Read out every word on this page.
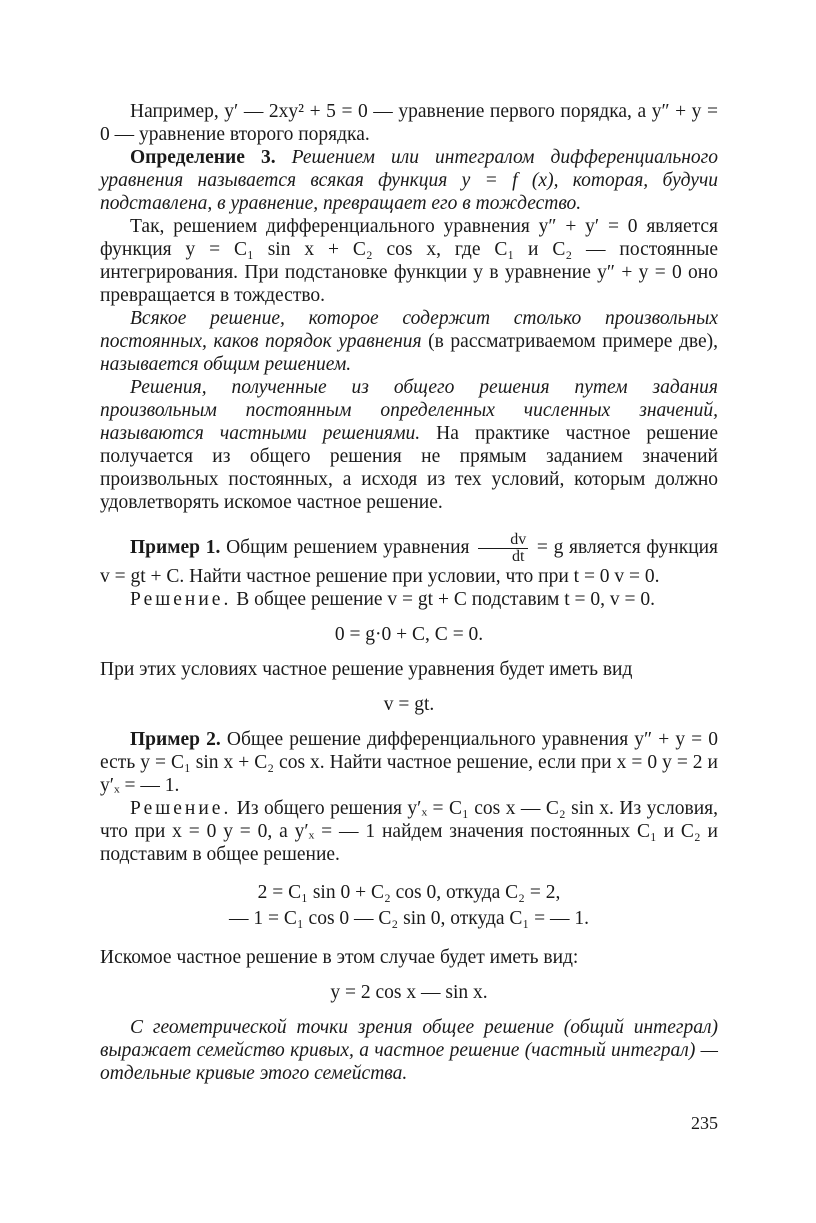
Например, y′ — 2xy² + 5 = 0 — уравнение первого порядка, а y″ + y = 0 — уравнение второго порядка.

Определение 3. Решением или интегралом дифференциального уравнения называется всякая функция y = f (x), которая, будучи подставлена, в уравнение, превращает его в тождество.

Так, решением дифференциального уравнения y″ + y′ = 0 является функция y = C₁ sin x + C₂ cos x, где C₁ и C₂ — постоянные интегрирования. При подстановке функции y в уравнение y″ + y = 0 оно превращается в тождество.

Всякое решение, которое содержит столько произвольных постоянных, каков порядок уравнения (в рассматриваемом примере две), называется общим решением.

Решения, полученные из общего решения путем задания произвольным постоянным определенных численных значений, называются частными решениями. На практике частное решение получается из общего решения не прямым заданием значений произвольных постоянных, а исходя из тех условий, которым должно удовлетворять искомое частное решение.

Пример 1. Общим решением уравнения $\frac{dv}{dt} = g$ является функция v = gt + C. Найти частное решение при условии, что при t = 0 v = 0.

Решение. В общее решение v = gt + C подставим t = 0, v = 0.

0 = g·0 + C, C = 0.

При этих условиях частное решение уравнения будет иметь вид

v = gt.

Пример 2. Общее решение дифференциального уравнения y″ + y = 0 есть y = C₁ sin x + C₂ cos x. Найти частное решение, если при x = 0 y = 2 и y′ₓ = — 1.

Решение. Из общего решения y′ₓ = C₁ cos x — C₂ sin x. Из условия, что при x = 0 y = 0, а y′ₓ = — 1 найдем значения постоянных C₁ и C₂ и подставим в общее решение.

2 = C₁ sin 0 + C₂ cos 0, откуда C₂ = 2,
— 1 = C₁ cos 0 — C₂ sin 0, откуда C₁ = — 1.

Искомое частное решение в этом случае будет иметь вид:

y = 2 cos x — sin x.

С геометрической точки зрения общее решение (общий интеграл) выражает семейство кривых, а частное решение (частный интеграл) — отдельные кривые этого семейства.

235
